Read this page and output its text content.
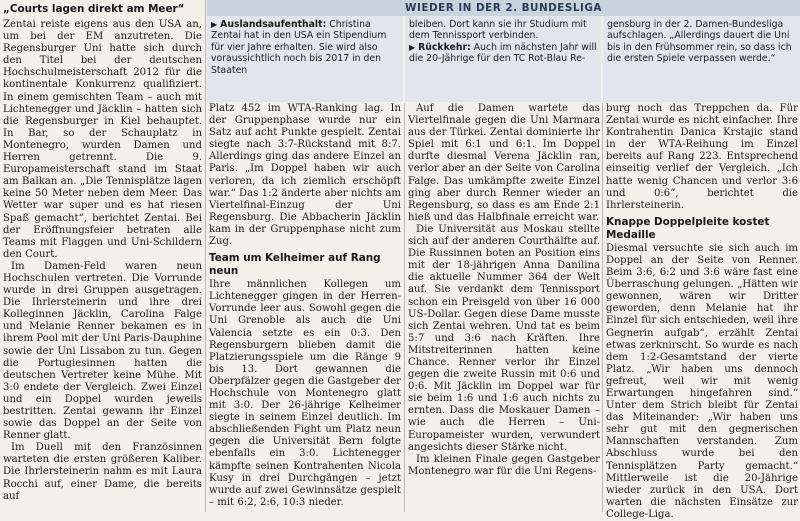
„Courts lagen direkt am Meer“

Zentai reiste eigens aus den USA an, um bei der EM anzutreten. Die Regensburger Uni hatte sich durch den Titel bei der deutschen Hochschulmeisterschaft 2012 für die kontinentale Konkurrenz qualifiziert. In einem gemischten Team – auch mit Lichtenegger und Jäcklin – hatten sich die Regensburger in Kiel behauptet. In Bar, so der Schauplatz in Montenegro, wurden Damen und Herren getrennt. Die 9. Europameisterschaft stand im Staat am Balkan an. „Die Tennisplätze lagen keine 50 Meter neben dem Meer. Das Wetter war super und es hat riesen Spaß gemacht“, berichtet Zentai. Bei der Eröffnungsfeier betraten alle Teams mit Flaggen und Uni-Schildern den Court.

Im Damen-Feld waren neun Hochschulen vertreten. Die Vorrunde wurde in drei Gruppen ausgetragen. Die Ihrlersteinerin und ihre drei Kolleginnen Jäcklin, Carolina Falge und Melanie Renner bekamen es in ihrem Pool mit der Uni Paris-Dauphine sowie der Uni Lissabon zu tun. Gegen die Portugiesinnen hatten die deutschen Vertreter keine Mühe. Mit 3:0 endete der Vergleich. Zwei Einzel und ein Doppel wurden jeweils bestritten. Zentai gewann ihr Einzel sowie das Doppel an der Seite von Renner glatt.

Im Duell mit den Französinnen warteten die ersten größeren Kaliber. Die Ihrlersteinerin nahm es mit Laura Rocchi auf, einer Dame, die bereits auf

WIEDER IN DER 2. BUNDESLIGA
▶ Auslandsaufenthalt: Christina Zentai hat in den USA ein Stipendium für vier Jahre erhalten. Sie wird also voraussichtlich noch bis 2017 in den Staaten
bleiben. Dort kann sie ihr Studium mit dem Tennissport verbinden.
▶ Rückkehr: Auch im nächsten Jahr will die 20-Jährige für den TC Rot-Blau Re-
gensburg in der 2. Damen-Bundesliga aufschlagen. „Allerdings dauert die Uni bis in den Frühsommer rein, so dass ich die ersten Spiele verpassen werde.“

Platz 452 im WTA-Ranking lag. In der Gruppenphase wurde nur ein Satz auf acht Punkte gespielt. Zentai siegte nach 3:7-Rückstand mit 8:7. Allerdings ging das andere Einzel an Paris. „Im Doppel haben wir auch verloren, da ich ziemlich erschöpft war.“ Das 1:2 änderte aber nichts am Viertelfinal-Einzug der Uni Regensburg. Die Abbacherin Jäcklin kam in der Gruppenphase nicht zum Zug.

Team um Kelheimer auf Rang neun

Ihre männlichen Kollegen um Lichtenegger gingen in der Herren-Vorrunde leer aus. Sowohl gegen die Uni Grenoble als auch die Uni Valencia setzte es ein 0:3. Den Regensburgern blieben damit die Platzierungsspiele um die Ränge 9 bis 13. Dort gewannen die Oberpfälzer gegen die Gastgeber der Hochschule von Montenegro glatt mit 3:0. Der 26-jährige Kelheimer siegte in seinem Einzel deutlich. Im abschließenden Fight um Platz neun gegen die Universität Bern folgte ebenfalls ein 3:0. Lichtenegger kämpfte seinen Kontrahenten Nicola Kusy in drei Durchgängen – jetzt wurde auf zwei Gewinnsätze gespielt – mit 6:2, 2:6, 10:3 nieder.

Auf die Damen wartete das Viertelfinale gegen die Uni Marmara aus der Türkei. Zentai dominierte ihr Spiel mit 6:1 und 6:1. Im Doppel durfte diesmal Verena Jäcklin ran, verlor aber an der Seite von Carolina Falge. Das umkämpfte zweite Einzel ging aber durch Renner wieder an Regensburg, so dass es am Ende 2:1 hieß und das Halbfinale erreicht war.

Die Universität aus Moskau stellte sich auf der anderen Courthälfte auf. Die Russinnen boten an Position eins mit der 18-jährigen Anna Danilina die aktuelle Nummer 364 der Welt auf. Sie verdankt dem Tennissport schon ein Preisgeld von über 16 000 US-Dollar. Gegen diese Dame musste sich Zentai wehren. Und tat es beim 5:7 und 3:6 nach Kräften. Ihre Mitstreiterinnen hatten keine Chance. Renner verlor ihr Einzel gegen die zweite Russin mit 0:6 und 0:6. Mit Jäcklin im Doppel war für sie beim 1:6 und 1:6 auch nichts zu ernten. Dass die Moskauer Damen – wie auch die Herren – Uni-Europameister wurden, verwundert angesichts dieser Stärke nicht.

Im kleinen Finale gegen Gastgeber Montenegro war für die Uni Regens-

burg noch das Treppchen da. Für Zentai wurde es nicht einfacher. Ihre Kontrahentin Danica Krstajic stand in der WTA-Reihung im Einzel bereits auf Rang 223. Entsprechend einseitig verlief der Vergleich. „Ich hatte wenig Chancen und verlor 3:6 und 0:6“, berichtet die Ihrlersteinerin.

Knappe Doppelpleite kostet Medaille

Diesmal versuchte sie sich auch im Doppel an der Seite von Renner. Beim 3:6, 6:2 und 3:6 wäre fast eine Überraschung gelungen. „Hätten wir gewonnen, wären wir Dritter geworden, denn Melanie hat ihr Einzel für sich entschieden, weil ihre Gegnerin aufgab“, erzählt Zentai etwas zerknirscht. So wurde es nach dem 1:2-Gesamtstand der vierte Platz. „Wir haben uns dennoch gefreut, weil wir mit wenig Erwartungen hingefahren sind.“ Unter dem Strich bleibt für Zentai das Miteinander: „Wir haben uns sehr gut mit den gegnerischen Mannschaften verstanden. Zum Abschluss wurde bei den Tennisplätzen Party gemacht.“ Mittlerweile ist die 20-Jährige wieder zurück in den USA. Dort warten die nächsten Einsätze zur College-Liga.
